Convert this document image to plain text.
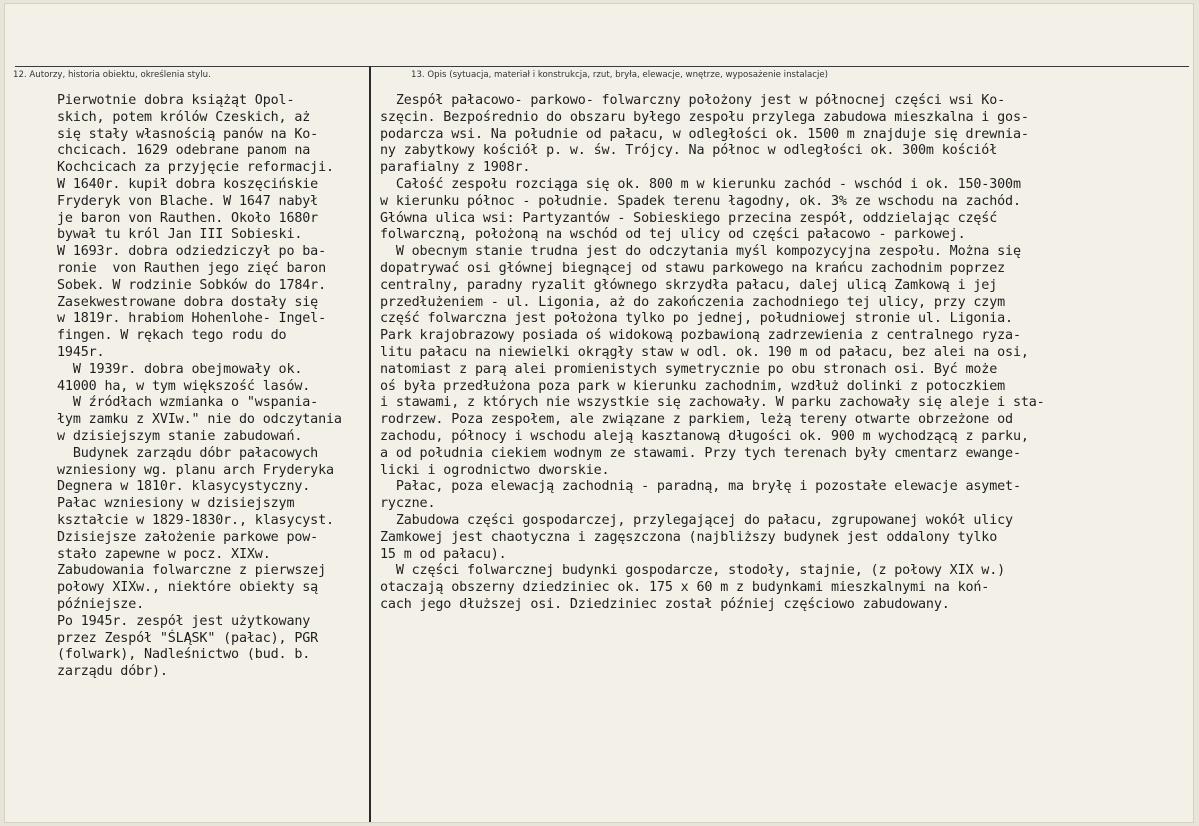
12. Autorzy, historia obiektu, określenia stylu.	13. Opis (sytuacja, materiał i konstrukcja, rzut, bryła, elewacje, wnętrze, wyposażenie instalacje)
Pierwotnie dobra książąt Opol-
skich, potem królów Czeskich, aż
się stały własnością panów na Ko-
chcicach. 1629 odebrane panom na
Kochcicach za przyjęcie reformacji.
W 1640r. kupił dobra koszęcińskie
Fryderyk von Blache. W 1647 nabył
je baron von Rauthen. Około 1680r
bywał tu król Jan III Sobieski.
W 1693r. dobra odziedziczył po ba-
ronie  von Rauthen jego zięć baron
Sobek. W rodzinie Sobków do 1784r.
Zasekwestrowane dobra dostały się
w 1819r. hrabiom Hohenlohe- Ingel-
fingen. W rękach tego rodu do
1945r.
W 1939r. dobra obejmowały ok.
41000 ha, w tym większość lasów.
W źródłach wzmianka o "wspania-
łym zamku z XVIw." nie do odczytania
w dzisiejszym stanie zabudowań.
Budynek zarządu dóbr pałacowych
wzniesiony wg. planu arch Fryderyka
Degnera w 1810r. klasycystyczny.
Pałac wzniesiony w dzisiejszym
kształcie w 1829-1830r., klasycyst.
Dzisiejsze założenie parkowe pow-
stało zapewne w pocz. XIXw.
Zabudowania folwarczne z pierwszej
połowy XIXw., niektóre obiekty są
późniejsze.
Po 1945r. zespół jest użytkowany
przez Zespół "ŚLĄSK" (pałac), PGR
(folwark), Nadleśnictwo (bud. b.
zarządu dóbr).
Zespół pałacowo- parkowo- folwarczny położony jest w północnej części wsi Ko-
szęcin. Bezpośrednio do obszaru byłego zespołu przylega zabudowa mieszkalna i gos-
podarcza wsi. Na południe od pałacu, w odległości ok. 1500 m znajduje się drewnia-
ny zabytkowy kościół p. w. św. Trójcy. Na północ w odległości ok. 300m kościół
parafialny z 1908r.
Całość zespołu rozciąga się ok. 800 m w kierunku zachód - wschód i ok. 150-300m
w kierunku północ - południe. Spadek terenu łagodny, ok. 3% ze wschodu na zachód.
Główna ulica wsi: Partyzantów - Sobieskiego przecina zespół, oddzielając część
folwarczną, położoną na wschód od tej ulicy od części pałacowo - parkowej.
W obecnym stanie trudna jest do odczytania myśl kompozycyjna zespołu. Można się
dopatrywać osi głównej biegnącej od stawu parkowego na krańcu zachodnim poprzez
centralny, paradny ryzalit głównego skrzydła pałacu, dalej ulicą Zamkową i jej
przedłużeniem - ul. Ligonia, aż do zakończenia zachodniego tej ulicy, przy czym
część folwarczna jest położona tylko po jednej, południowej stronie ul. Ligonia.
Park krajobrazowy posiada oś widokową pozbawioną zadrzewienia z centralnego ryza-
litu pałacu na niewielki okrągły staw w odl. ok. 190 m od pałacu, bez alei na osi,
natomiast z parą alei promienistych symetrycznie po obu stronach osi. Być może
oś była przedłużona poza park w kierunku zachodnim, wzdłuż dolinki z potoczkiem
i stawami, z których nie wszystkie się zachowały. W parku zachowały się aleje i sta-
rodrzew. Poza zespołem, ale związane z parkiem, leżą tereny otwarte obrzeżone od
zachodu, północy i wschodu aleją kasztanową długości ok. 900 m wychodzącą z parku,
a od południa ciekiem wodnym ze stawami. Przy tych terenach były cmentarz ewange-
licki i ogrodnictwo dworskie.
Pałac, poza elewacją zachodnią - paradną, ma bryłę i pozostałe elewacje asymet-
ryczne.
Zabudowa części gospodarczej, przylegającej do pałacu, zgrupowanej wokół ulicy
Zamkowej jest chaotyczna i zagęszczona (najbliższy budynek jest oddalony tylko
15 m od pałacu).
W części folwarcznej budynki gospodarcze, stodoły, stajnie, (z połowy XIX w.)
otaczają obszerny dziedziniec ok. 175 x 60 m z budynkami mieszkalnymi na koń-
cach jego dłuższej osi. Dziedziniec został później częściowo zabudowany.
